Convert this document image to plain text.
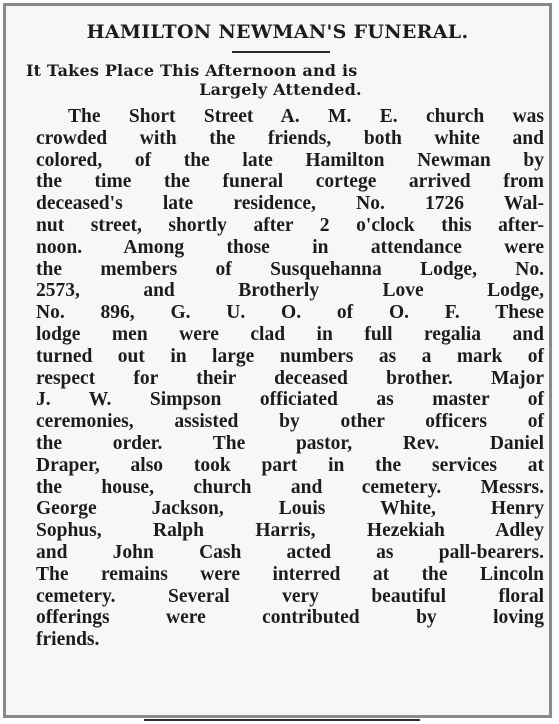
HAMILTON NEWMAN'S FUNERAL.
It Takes Place This Afternoon and is
Largely Attended.
The Short Street A. M. E. church was
crowded with the friends, both white and
colored, of the late Hamilton Newman by
the time the funeral cortege arrived from
deceased's late residence, No. 1726 Wal-
nut street, shortly after 2 o'clock this after-
noon. Among those in attendance were
the members of Susquehanna Lodge, No.
2573, and Brotherly Love Lodge,
No. 896, G. U. O. of O. F. These
lodge men were clad in full regalia and
turned out in large numbers as a mark of
respect for their deceased brother. Major
J. W. Simpson officiated as master of
ceremonies, assisted by other officers of
the order. The pastor, Rev. Daniel
Draper, also took part in the services at
the house, church and cemetery. Messrs.
George Jackson, Louis White, Henry
Sophus, Ralph Harris, Hezekiah Adley
and John Cash acted as pall-bearers.
The remains were interred at the Lincoln
cemetery. Several very beautiful floral
offerings were contributed by loving
friends.
